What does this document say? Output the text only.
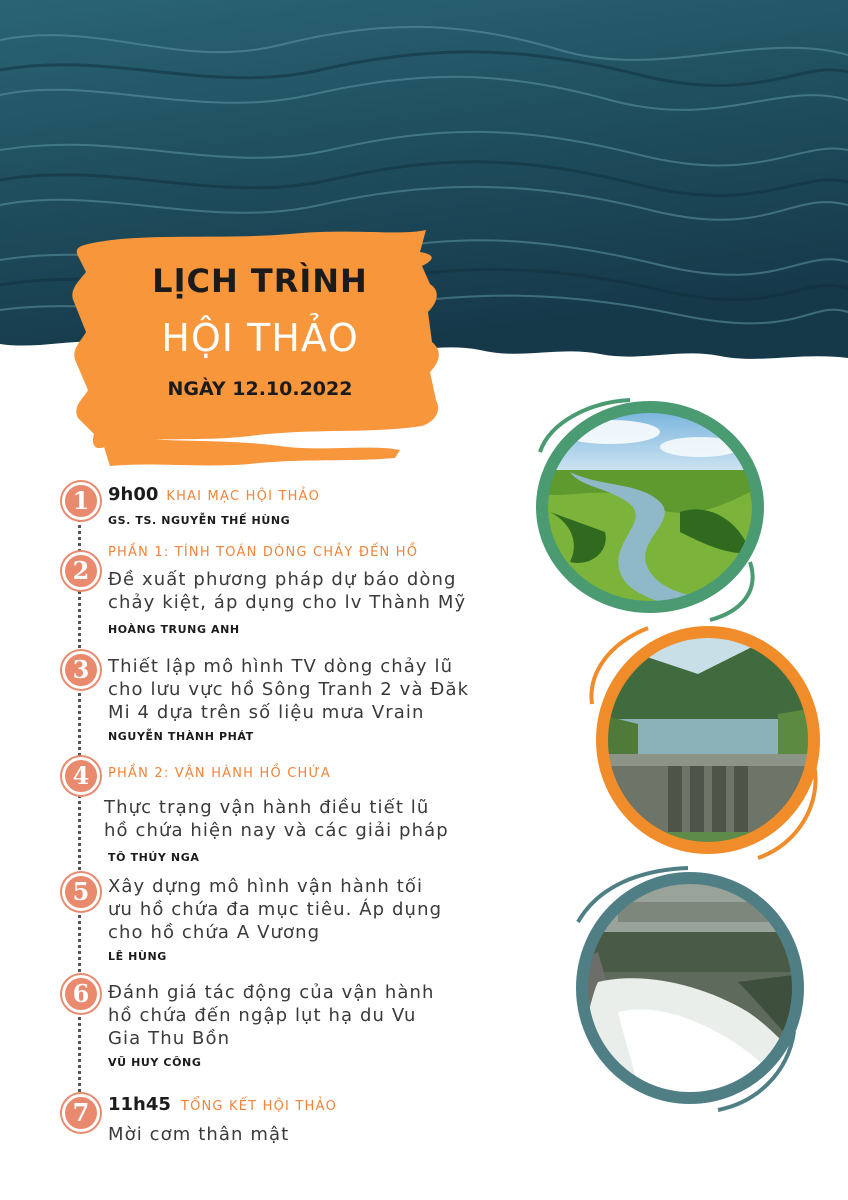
LỊCH TRÌNH
HỘI THẢO
NGÀY 12.10.2022
1	9h00 KHAI MẠC HỘI THẢO
GS. TS. NGUYỄN THẾ HÙNG
2
PHẦN 1: TÍNH TOÁN DÒNG CHẢY ĐẾN HỒ
Đề xuất phương pháp dự báo dòng
chảy kiệt, áp dụng cho lv Thành Mỹ
HOÀNG TRUNG ANH
3	Thiết lập mô hình TV dòng chảy lũ
cho lưu vực hồ Sông Tranh 2 và Đăk
Mi 4 dựa trên số liệu mưa Vrain
NGUYỄN THÀNH PHÁT
4	PHẦN 2: VẬN HÀNH HỒ CHỨA
Thực trạng vận hành điều tiết lũ
hồ chứa hiện nay và các giải pháp
TÔ THÚY NGA
5	Xây dựng mô hình vận hành tối
ưu hồ chứa đa mục tiêu. Áp dụng
cho hồ chứa A Vương
LÊ HÙNG
6	Đánh giá tác động của vận hành
hồ chứa đến ngập lụt hạ du Vu
Gia Thu Bồn
VŨ HUY CÔNG
7	11h45 TỔNG KẾT HỘI THẢO
Mời cơm thân mật
